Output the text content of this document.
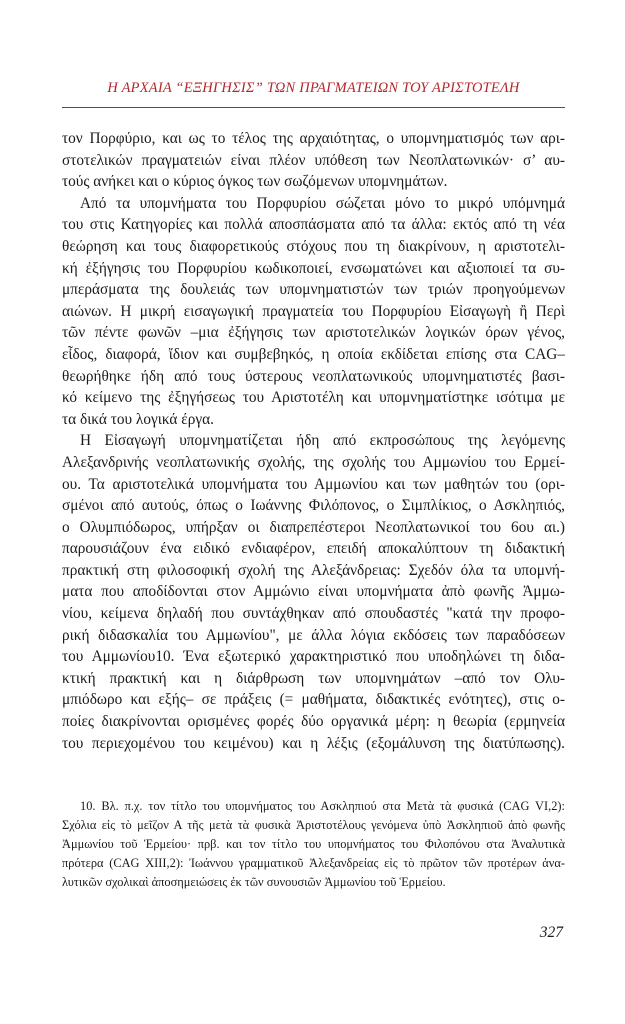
Η ΑΡΧΑΙΑ “ΕΞΗΓΗΣΙΣ” ΤΩΝ ΠΡΑΓΜΑΤΕΙΩΝ ΤΟΥ ΑΡΙΣΤΟΤΕΛΗ

τον Πορφύριο, και ως το τέλος της αρχαιότητας, ο υπομνηματισμός των αρι-
στοτελικών πραγματειών είναι πλέον υπόθεση των Νεοπλατωνικών· σ’ αυ-
τούς ανήκει και ο κύριος όγκος των σωζόμενων υπομνημάτων.

Από τα υπομνήματα του Πορφυρίου σώζεται μόνο το μικρό υπόμνημά
του στις Κατηγορίες και πολλά αποσπάσματα από τα άλλα: εκτός από τη νέα
θεώρηση και τους διαφορετικούς στόχους που τη διακρίνουν, η αριστοτελι-
κή ἐξήγησις του Πορφυρίου κωδικοποιεί, ενσωματώνει και αξιοποιεί τα συ-
μπεράσματα της δουλειάς των υπομνηματιστών των τριών προηγούμενων
αιώνων. Η μικρή εισαγωγική πραγματεία του Πορφυρίου Εἰσαγωγὴ ἢ Περὶ
τῶν πέντε φωνῶν –μια ἐξήγησις των αριστοτελικών λογικών όρων γένος,
εἶδος, διαφορά, ἴδιον και συμβεβηκός, η οποία εκδίδεται επίσης στα CAG–
θεωρήθηκε ήδη από τους ύστερους νεοπλατωνικούς υπομνηματιστές βασι-
κό κείμενο της ἐξηγήσεως του Αριστοτέλη και υπομνηματίστηκε ισότιμα με
τα δικά του λογικά έργα.

Η Εἰσαγωγή υπομνηματίζεται ήδη από εκπροσώπους της λεγόμενης
Αλεξανδρινής νεοπλατωνικής σχολής, της σχολής του Αμμωνίου του Ερμεί-
ου. Τα αριστοτελικά υπομνήματα του Αμμωνίου και των μαθητών του (ορι-
σμένοι από αυτούς, όπως ο Ιωάννης Φιλόπονος, ο Σιμπλίκιος, ο Ασκληπιός,
ο Ολυμπιόδωρος, υπήρξαν οι διαπρεπέστεροι Νεοπλατωνικοί του 6ου αι.)
παρουσιάζουν ένα ειδικό ενδιαφέρον, επειδή αποκαλύπτουν τη διδακτική
πρακτική στη φιλοσοφική σχολή της Αλεξάνδρειας: Σχεδόν όλα τα υπομνή-
ματα που αποδίδονται στον Αμμώνιο είναι υπομνήματα ἀπὸ φωνῆς Ἀμμω-
νίου, κείμενα δηλαδή που συντάχθηκαν από σπουδαστές "κατά την προφο-
ρική διδασκαλία του Αμμωνίου", με άλλα λόγια εκδόσεις των παραδόσεων
του Αμμωνίου10. Ένα εξωτερικό χαρακτηριστικό που υποδηλώνει τη διδα-
κτική πρακτική και η διάρθρωση των υπομνημάτων –από τον Ολυ-
μπιόδωρο και εξής– σε πράξεις (= μαθήματα, διδακτικές ενότητες), στις ο-
ποίες διακρίνονται ορισμένες φορές δύο οργανικά μέρη: η θεωρία (ερμηνεία
του περιεχομένου του κειμένου) και η λέξις (εξομάλυνση της διατύπωσης).

10. Βλ. π.χ. τον τίτλο του υπομνήματος του Ασκληπιού στα Μετὰ τὰ φυσικά (CAG VI,2):
Σχόλια εἰς τὸ μεῖζον Α τῆς μετὰ τὰ φυσικὰ Ἀριστοτέλους γενόμενα ὑπὸ Ἀσκληπιοῦ ἀπὸ φωνῆς
Ἀμμωνίου τοῦ Ἑρμείου· πρβ. και τον τίτλο του υπομνήματος του Φιλοπόνου στα Ἀναλυτικὰ
πρότερα (CAG XIII,2): Ἰωάννου γραμματικοῦ Ἀλεξανδρείας εἰς τὸ πρῶτον τῶν προτέρων ἀνα-
λυτικῶν σχολικαὶ ἀποσημειώσεις ἐκ τῶν συνουσιῶν Ἀμμωνίου τοῦ Ἑρμείου.
327
